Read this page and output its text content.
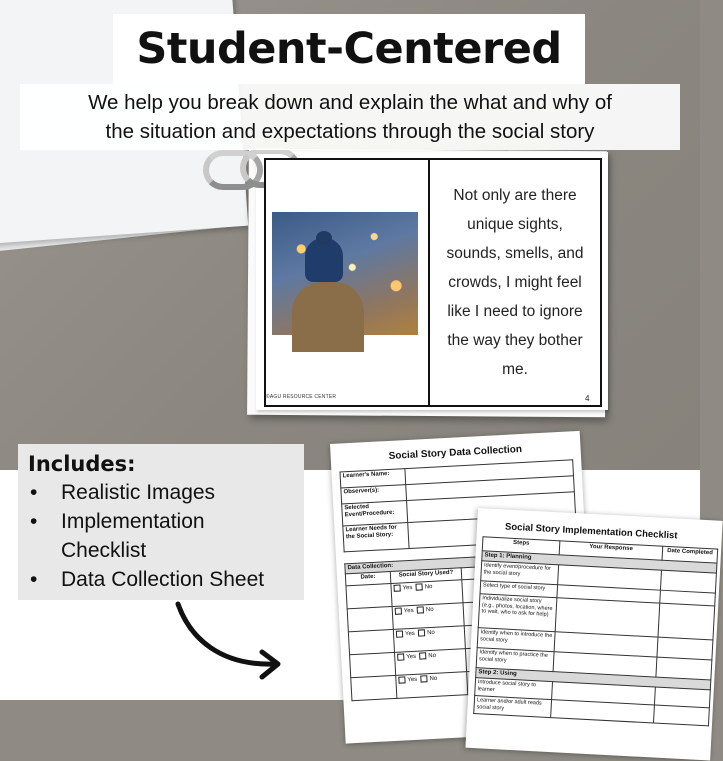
Not only are there
unique sights,
sounds, smells, and
crowds, I might feel
like I need to ignore
the way they bother
me.
©AGU RESOURCE CENTER	4
Student-Centered
We help you break down and explain the what and why of
the situation and expectations through the social story
Includes:
• Realistic Images
• Implementation
Checklist
• Data Collection Sheet
Social Story Data Collection
Learner's Name:	
Observer(s):	
Selected Event/Procedure:	
Learner Needs for the Social Story:	
Data Collection:		
Date:	Social Story Used?	
	Yes No	
	Yes No	
	Yes No	
	Yes No	
	Yes No	
Social Story Implementation Checklist
Steps	Your Response	Date Completed
Step 1: Planning		
Identify event/procedure for the social story		
Select type of social story		
Individualize social story (e.g., photos, location, where to wait, who to ask for help)		
Identify when to introduce the social story		
Identify when to practice the social story		
Step 2: Using		
Introduce social story to learner		
Learner and/or adult reads social story		
